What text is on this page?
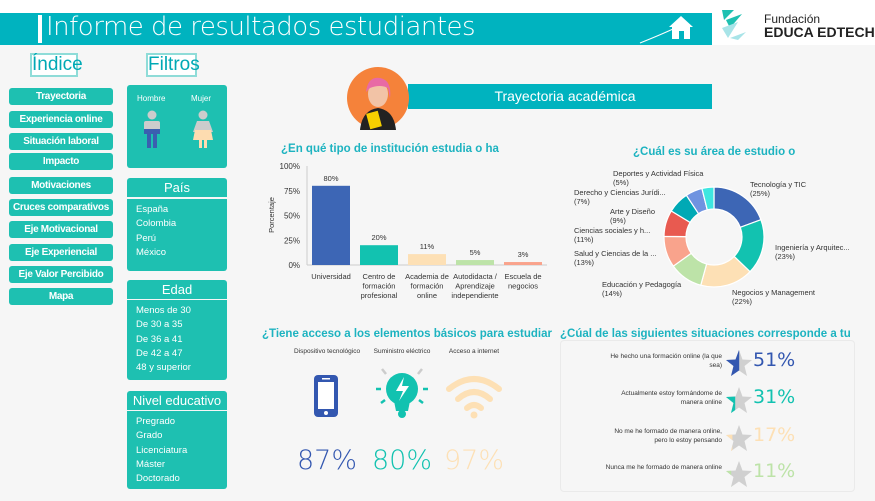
Informe de resultados estudiantes	Fundación
EDUCA EDTECH
Índice	Filtros
Hombre	Mujer
País
España
Colombia
Perú
México
Edad
Menos de 30
De 30 a 35
De 36 a 41
De 42 a 47
48 y superior
Nivel educativo
Pregrado
Grado
Licenciatura
Máster
Doctorado
Trayectoria académica
¿En qué tipo de institución estudia o ha
0%
25%
50%
75%
100%
Porcentaje
80%
Universidad
20%
Centro de formación profesional
11%
Academia de formación online
5%
Autodidacta / Aprendizaje independiente
3%
Escuela de negocios
¿Cuál es su área de estudio o
Tecnología y TIC
(25%)
Ingeniería y Arquitec...
(23%)
Negocios y Management
(22%)
Educación y Pedagogía
(14%)
Salud y Ciencias de la ...
(13%)
Ciencias sociales y h...
(11%)
Arte y Diseño
(9%)
Derecho y Ciencias Jurídi...
(7%)
Deportes y Actividad Física
(5%)
¿Tiene acceso a los elementos básicos para estudiar ¿Cúal de las siguientes situaciones corresponde a tu
Trayectoria
Experiencia online
Situación laboral
Impacto
Motivaciones
Cruces comparativos
Eje Motivacional
Eje Experiencial
Eje Valor Percibido
Mapa
Dispositivo tecnológico
87%
Suministro eléctrico
80%
Acceso a internet
97%
He hecho una formación online (la que sea) 51%
Actualmente estoy formándome de manera online 31%
No me he formado de manera online, pero lo estoy pensando 17%
Nunca me he formado de manera online 11%
